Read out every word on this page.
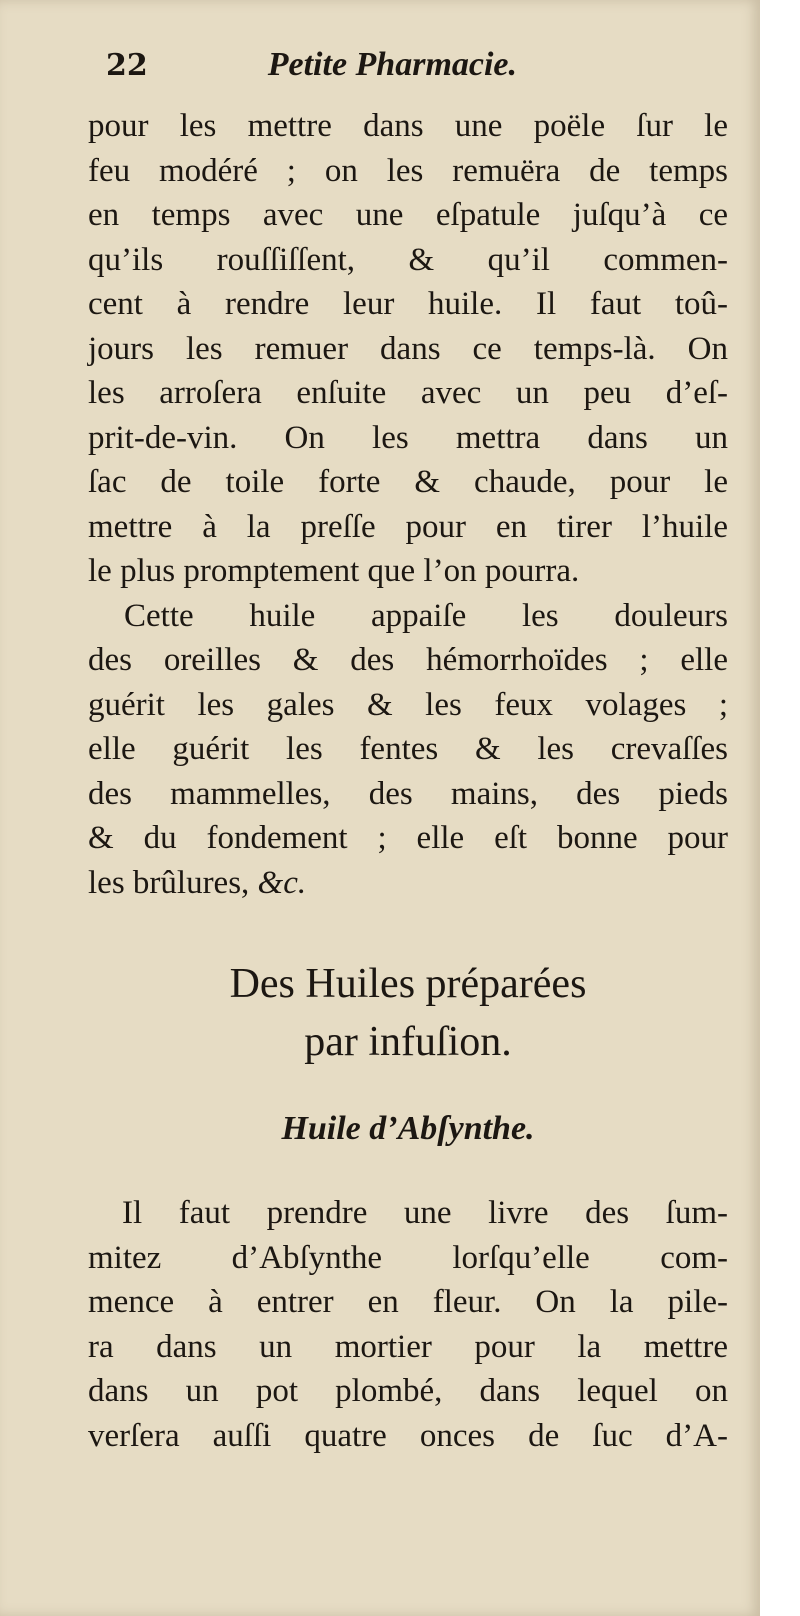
22	Petite Pharmacie.
pour les mettre dans une poële ſur le
feu modéré ; on les remuëra de temps
en temps avec une eſpatule juſqu’à ce
qu’ils rouſſiſſent, & qu’il commen-
cent à rendre leur huile. Il faut toû-
jours les remuer dans ce temps-là. On
les arroſera enſuite avec un peu d’eſ-
prit-de-vin. On les mettra dans un
ſac de toile forte & chaude, pour le
mettre à la preſſe pour en tirer l’huile
le plus promptement que l’on pourra.
Cette huile appaiſe les douleurs
des oreilles & des hémorrhoïdes ; elle
guérit les gales & les feux volages ;
elle guérit les fentes & les crevaſſes
des mammelles, des mains, des pieds
& du fondement ; elle eſt bonne pour
les brûlures, &c.
Des Huiles préparées
par infuſion.
Huile d’Abſynthe.
Il faut prendre une livre des ſum-
mitez d’Abſynthe lorſqu’elle com-
mence à entrer en fleur. On la pile-
ra dans un mortier pour la mettre
dans un pot plombé, dans lequel on
verſera auſſi quatre onces de ſuc d’A-
